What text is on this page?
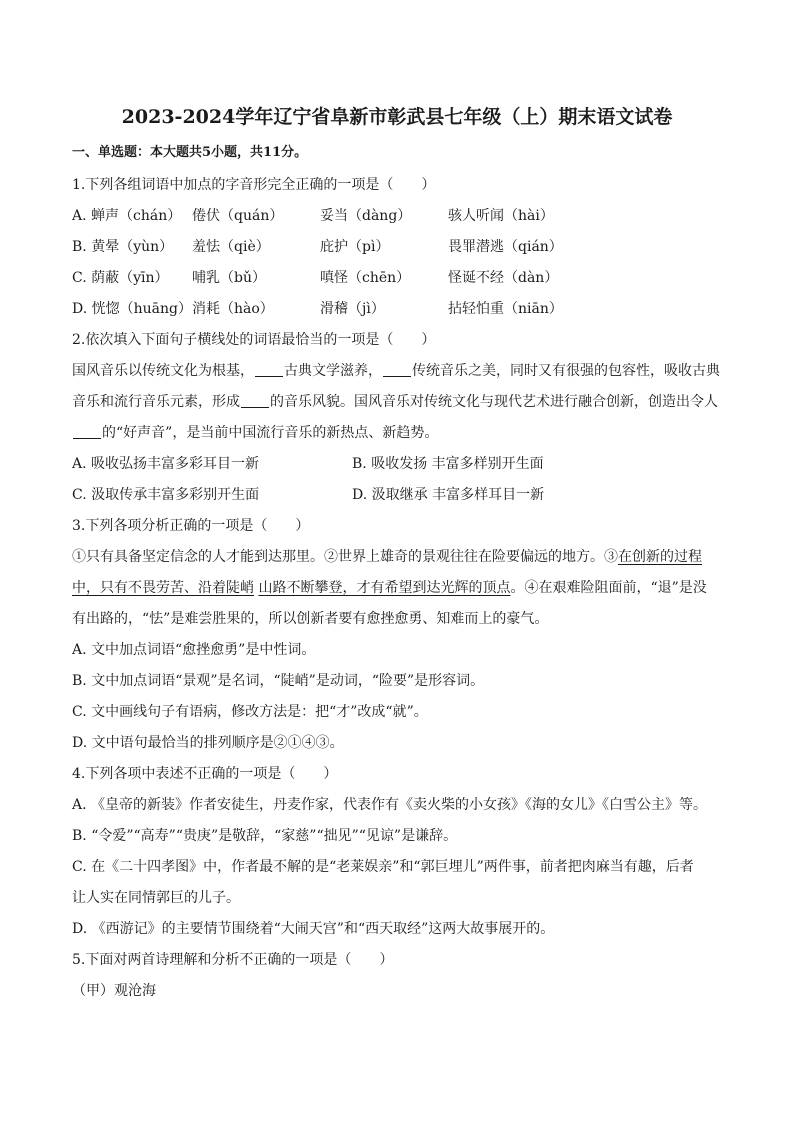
2023-2024学年辽宁省阜新市彰武县七年级（上）期末语文试卷
一、单选题：本大题共5小题，共11分。
1.下列各组词语中加点的字音形完全正确的一项是（　　）
A. 蝉声（chán） 倦伏（quán）	妥当（dàng）	骇人听闻（hài）
B. 黄晕（yùn） 羞怯（qiè）	庇护（pì）	畏罪潜逃（qián）
C. 荫蔽（yīn） 哺乳（bǔ）	嗔怪（chēn）	怪诞不经（dàn）
D. 恍惚（huāng）消耗（hào）	滑稽（jì）	拈轻怕重（niān）
2.依次填入下面句子横线处的词语最恰当的一项是（　　）
国风音乐以传统文化为根基， 古典文学滋养， 传统音乐之美，同时又有很强的包容性，吸收古典
音乐和流行音乐元素，形成 的音乐风貌。国风音乐对传统文化与现代艺术进行融合创新，创造出令人
的“好声音”，是当前中国流行音乐的新热点、新趋势。
A. 吸收弘扬丰富多彩耳目一新	B. 吸收发扬 丰富多样别开生面
C. 汲取传承丰富多彩别开生面	D. 汲取继承 丰富多样耳目一新
3.下列各项分析正确的一项是（　　）
①只有具备坚定信念的人才能到达那里。②世界上雄奇的景观往往在险要偏远的地方。③在创新的过程
中，只有不畏劳苦、沿着陡峭 山路不断攀登，才有希望到达光辉的顶点。④在艰难险阻面前，“退”是没
有出路的，“怯”是难尝胜果的，所以创新者要有愈挫愈勇、知难而上的豪气。
A. 文中加点词语“愈挫愈勇”是中性词。
B. 文中加点词语“景观”是名词，“陡峭”是动词，“险要”是形容词。
C. 文中画线句子有语病，修改方法是：把“才”改成“就”。
D. 文中语句最恰当的排列顺序是②①④③。
4.下列各项中表述不正确的一项是（　　）
A. 《皇帝的新装》作者安徒生，丹麦作家，代表作有《卖火柴的小女孩》《海的女儿》《白雪公主》等。
B. “令爱”“高寿”“贵庚”是敬辞，“家慈”“拙见”“见谅”是谦辞。
C. 在《二十四孝图》中，作者最不解的是“老莱娱亲”和“郭巨埋儿”两件事，前者把肉麻当有趣，后者
让人实在同情郭巨的儿子。
D. 《西游记》的主要情节围绕着“大闹天宫”和“西天取经”这两大故事展开的。
5.下面对两首诗理解和分析不正确的一项是（　　）
（甲）观沧海
